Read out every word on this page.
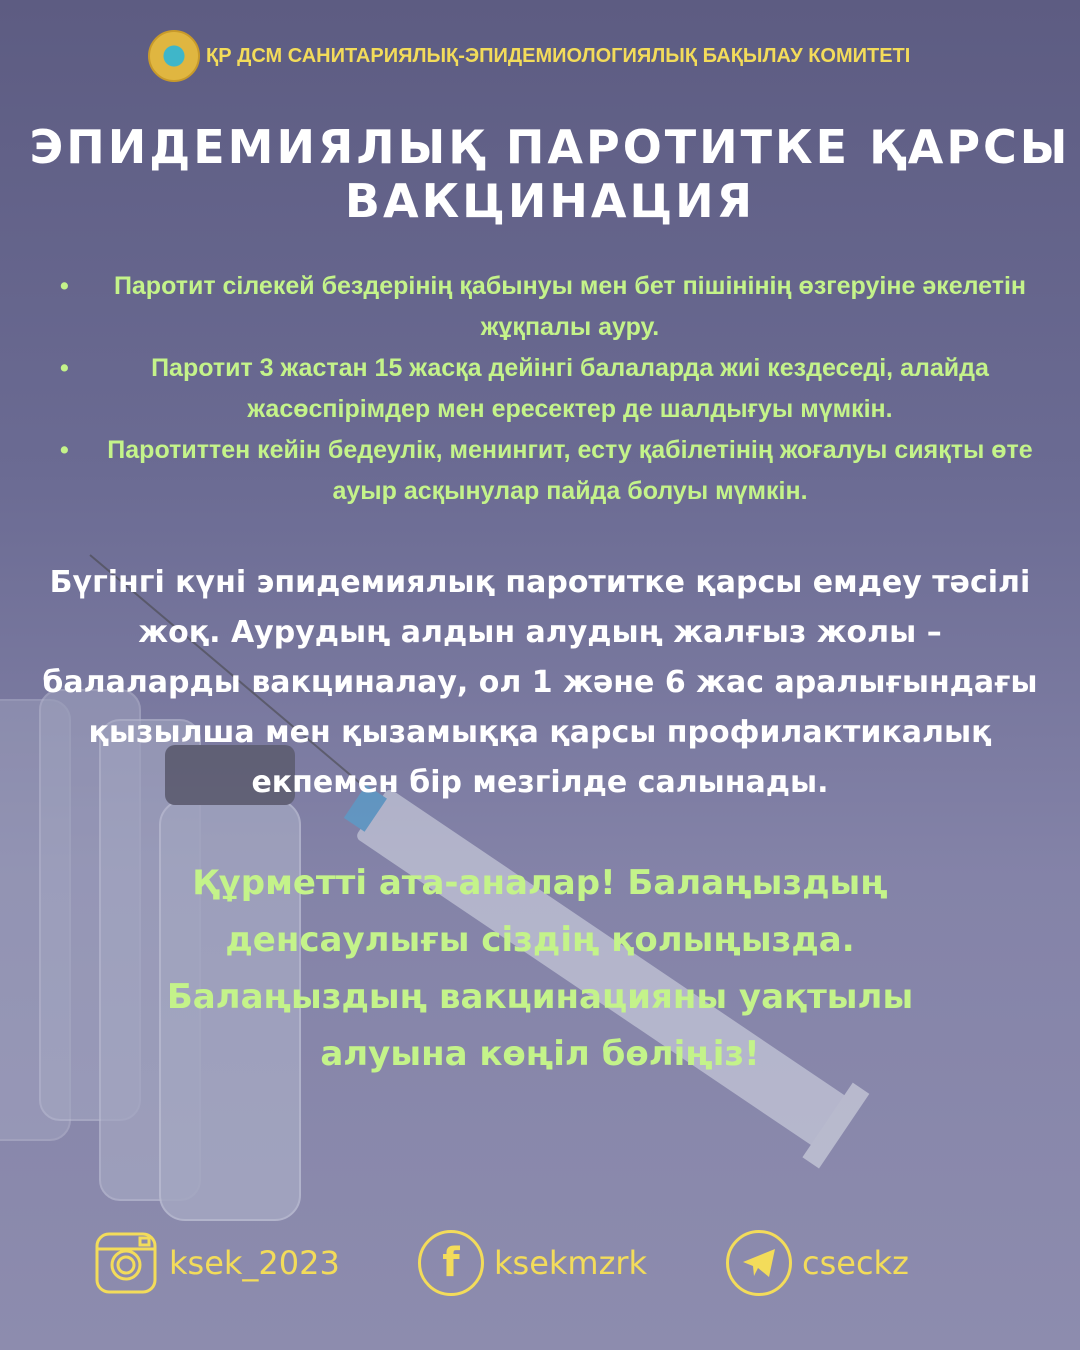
ҚР ДСМ САНИТАРИЯЛЫҚ-ЭПИДЕМИОЛОГИЯЛЫҚ БАҚЫЛАУ КОМИТЕТІ
ЭПИДЕМИЯЛЫҚ ПАРОТИТКЕ ҚАРСЫ
ВАКЦИНАЦИЯ
• Паротит сілекей бездерінің қабынуы мен бет пішінінің өзгеруіне әкелетін жұқпалы ауру.
• Паротит 3 жастан 15 жасқа дейінгі балаларда жиі кездеседі, алайда жасөспірімдер мен ересектер де шалдығуы мүмкін.
• Паротиттен кейін бедеулік, менингит, есту қабілетінің жоғалуы сияқты өте ауыр асқынулар пайда болуы мүмкін.
Бүгінгі күні эпидемиялық паротитке қарсы емдеу тәсілі жоқ. Аурудың алдын алудың жалғыз жолы – балаларды вакциналау, ол 1 және 6 жас аралығындағы қызылша мен қызамыққа қарсы профилактикалық екпемен бір мезгілде салынады.
Құрметті ата-аналар! Балаңыздың денсаулығы сіздің қолыңызда. Балаңыздың вакцинацияны уақтылы алуына көңіл бөліңіз!
ksek_2023	f ksekmzrk	cseckz
